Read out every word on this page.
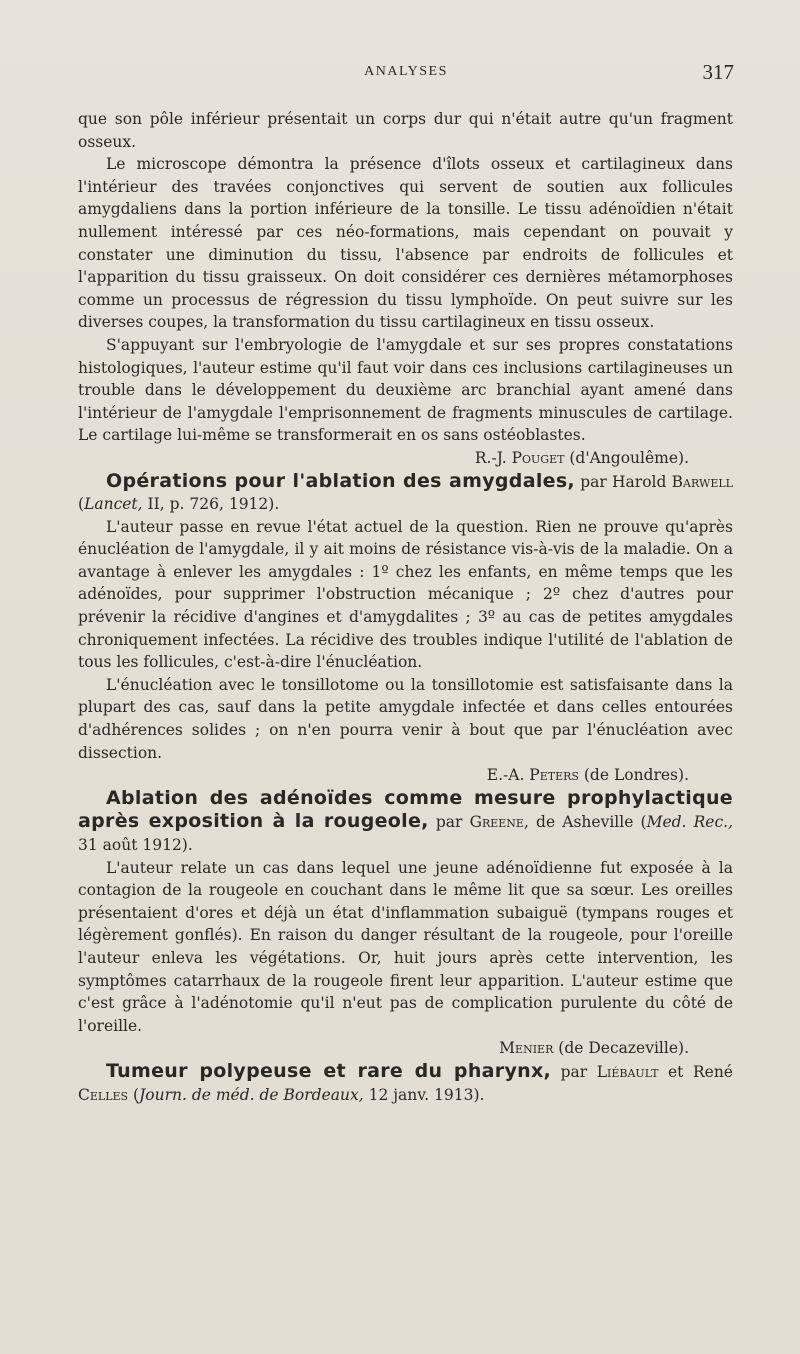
ANALYSES	317

que son pôle inférieur présentait un corps dur qui n'était autre qu'un fragment osseux.

Le microscope démontra la présence d'îlots osseux et cartilagineux dans l'intérieur des travées conjonctives qui servent de soutien aux follicules amygdaliens dans la portion inférieure de la tonsille. Le tissu adénoïdien n'était nullement intéressé par ces néo-formations, mais cependant on pouvait y constater une diminution du tissu, l'absence par endroits de follicules et l'apparition du tissu graisseux. On doit considérer ces dernières métamorphoses comme un processus de régression du tissu lymphoïde. On peut suivre sur les diverses coupes, la transformation du tissu cartilagineux en tissu osseux.

S'appuyant sur l'embryologie de l'amygdale et sur ses propres constatations histologiques, l'auteur estime qu'il faut voir dans ces inclusions cartilagineuses un trouble dans le développement du deuxième arc branchial ayant amené dans l'intérieur de l'amygdale l'emprisonnement de fragments minuscules de cartilage. Le cartilage lui-même se transformerait en os sans ostéoblastes.

R.-J. Pouget (d'Angoulême).

Opérations pour l'ablation des amygdales, par Harold Barwell (Lancet, II, p. 726, 1912).

L'auteur passe en revue l'état actuel de la question. Rien ne prouve qu'après énucléation de l'amygdale, il y ait moins de résistance vis-à-vis de la maladie. On a avantage à enlever les amygdales : 1º chez les enfants, en même temps que les adénoïdes, pour supprimer l'obstruction mécanique ; 2º chez d'autres pour prévenir la récidive d'angines et d'amygdalites ; 3º au cas de petites amygdales chroniquement infectées. La récidive des troubles indique l'utilité de l'ablation de tous les follicules, c'est-à-dire l'énucléation.

L'énucléation avec le tonsillotome ou la tonsillotomie est satisfaisante dans la plupart des cas, sauf dans la petite amygdale infectée et dans celles entourées d'adhérences solides ; on n'en pourra venir à bout que par l'énucléation avec dissection.

E.-A. Peters (de Londres).

Ablation des adénoïdes comme mesure prophylactique après exposition à la rougeole, par Greene, de Asheville (Med. Rec., 31 août 1912).

L'auteur relate un cas dans lequel une jeune adénoïdienne fut exposée à la contagion de la rougeole en couchant dans le même lit que sa sœur. Les oreilles présentaient d'ores et déjà un état d'inflammation subaiguë (tympans rouges et légèrement gonflés). En raison du danger résultant de la rougeole, pour l'oreille l'auteur enleva les végétations. Or, huit jours après cette intervention, les symptômes catarrhaux de la rougeole firent leur apparition. L'auteur estime que c'est grâce à l'adénotomie qu'il n'eut pas de complication purulente du côté de l'oreille.

Menier (de Decazeville).

Tumeur polypeuse et rare du pharynx, par Liébault et René Celles (Journ. de méd. de Bordeaux, 12 janv. 1913).
